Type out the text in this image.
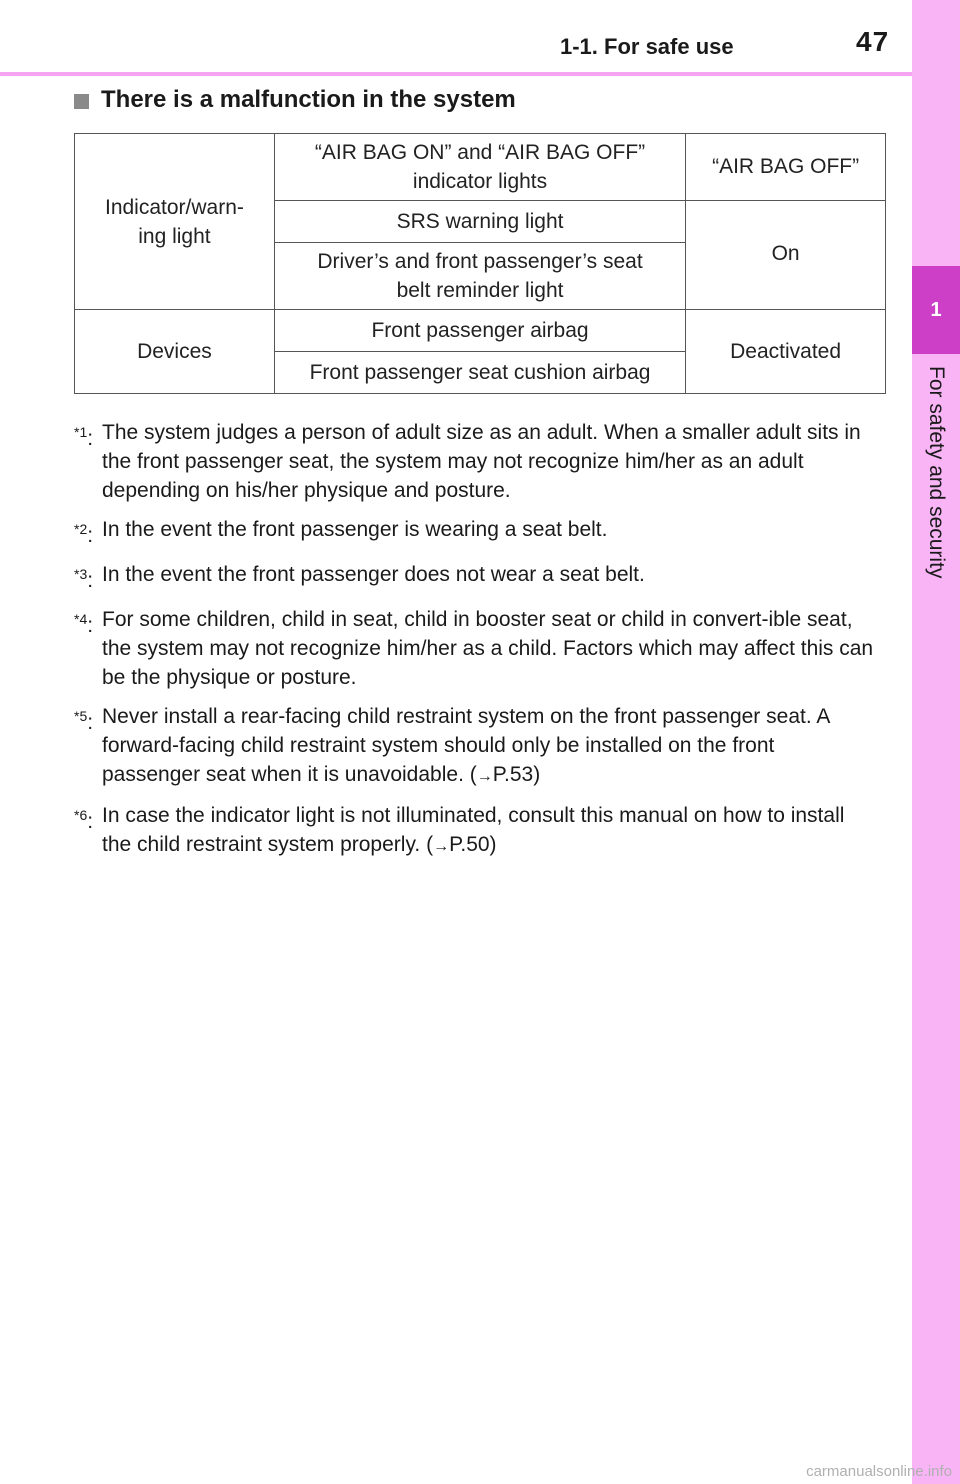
1-1. For safe use	47
1
For safety and security
There is a malfunction in the system
Indicator/warn-
ing light	“AIR BAG ON” and “AIR BAG OFF” indicator lights	“AIR BAG OFF”
	SRS warning light	On
	Driver’s and front passenger’s seat belt reminder light	
Devices	Front passenger airbag	Deactivated
	Front passenger seat cushion airbag	
$^{*1}$: The system judges a person of adult size as an adult. When a smaller adult sits in the front passenger seat, the system may not recognize him/her as an adult depending on his/her physique and posture.
$^{*2}$: In the event the front passenger is wearing a seat belt.
$^{*3}$: In the event the front passenger does not wear a seat belt.
$^{*4}$: For some children, child in seat, child in booster seat or child in convert-ible seat, the system may not recognize him/her as a child. Factors which may affect this can be the physique or posture.
$^{*5}$: Never install a rear-facing child restraint system on the front passenger seat. A forward-facing child restraint system should only be installed on the front passenger seat when it is unavoidable. (→P.53)
$^{*6}$: In case the indicator light is not illuminated, consult this manual on how to install the child restraint system properly. (→P.50)
carmanualsonline.info
